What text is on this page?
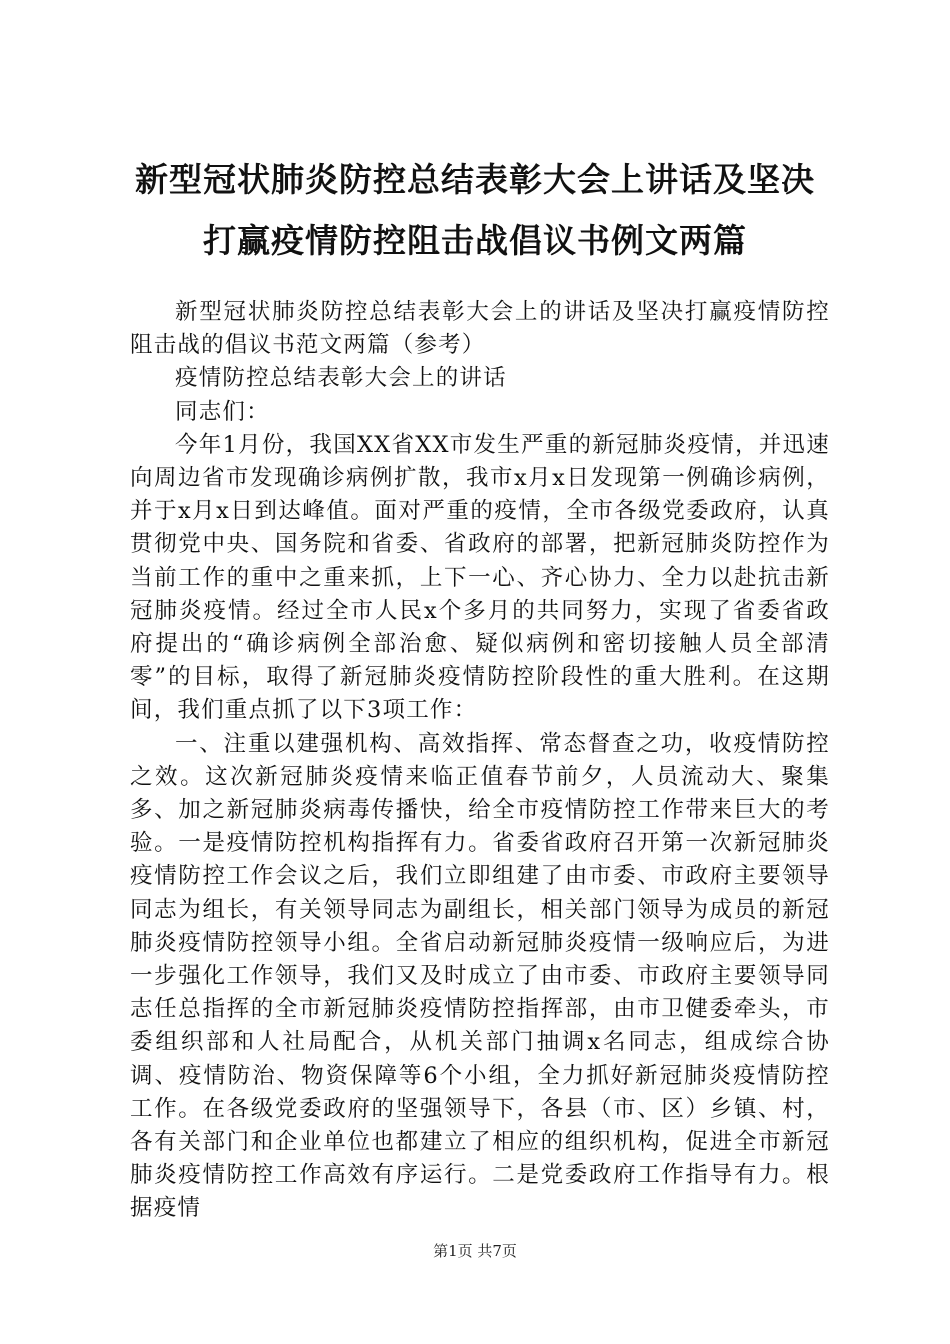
新型冠状肺炎防控总结表彰大会上讲话及坚决
打赢疫情防控阻击战倡议书例文两篇

新型冠状肺炎防控总结表彰大会上的讲话及坚决打赢疫情防控阻击战的倡议书范文两篇（参考）

疫情防控总结表彰大会上的讲话

同志们：

今年1月份，我国XX省XX市发生严重的新冠肺炎疫情，并迅速向周边省市发现确诊病例扩散，我市x月x日发现第一例确诊病例，并于x月x日到达峰值。面对严重的疫情，全市各级党委政府，认真贯彻党中央、国务院和省委、省政府的部署，把新冠肺炎防控作为当前工作的重中之重来抓，上下一心、齐心协力、全力以赴抗击新冠肺炎疫情。经过全市人民x个多月的共同努力，实现了省委省政府提出的“确诊病例全部治愈、疑似病例和密切接触人员全部清零”的目标，取得了新冠肺炎疫情防控阶段性的重大胜利。在这期间，我们重点抓了以下3项工作：

一、注重以建强机构、高效指挥、常态督查之功，收疫情防控之效。这次新冠肺炎疫情来临正值春节前夕，人员流动大、聚集多、加之新冠肺炎病毒传播快，给全市疫情防控工作带来巨大的考验。一是疫情防控机构指挥有力。省委省政府召开第一次新冠肺炎疫情防控工作会议之后，我们立即组建了由市委、市政府主要领导同志为组长，有关领导同志为副组长，相关部门领导为成员的新冠肺炎疫情防控领导小组。全省启动新冠肺炎疫情一级响应后，为进一步强化工作领导，我们又及时成立了由市委、市政府主要领导同志任总指挥的全市新冠肺炎疫情防控指挥部，由市卫健委牵头，市委组织部和人社局配合，从机关部门抽调x名同志，组成综合协调、疫情防治、物资保障等6个小组，全力抓好新冠肺炎疫情防控工作。在各级党委政府的坚强领导下，各县（市、区）乡镇、村，各有关部门和企业单位也都建立了相应的组织机构，促进全市新冠肺炎疫情防控工作高效有序运行。二是党委政府工作指导有力。根据疫情

第1页 共7页
